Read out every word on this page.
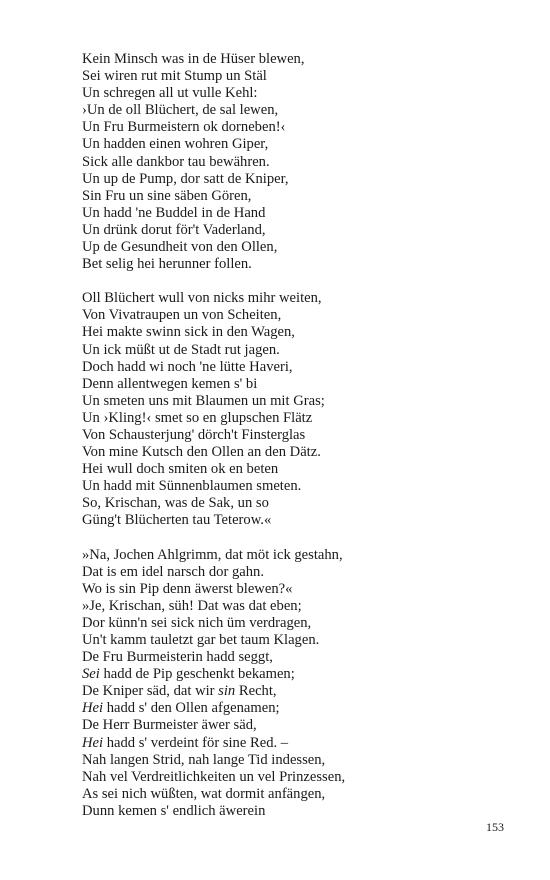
Kein Minsch was in de Hüser blewen,
Sei wiren rut mit Stump un Stäl
Un schregen all ut vulle Kehl:
›Un de oll Blüchert, de sal lewen,
Un Fru Burmeistern ok dorneben!‹
Un hadden einen wohren Giper,
Sick alle dankbor tau bewähren.
Un up de Pump, dor satt de Kniper,
Sin Fru un sine säben Gören,
Un hadd 'ne Buddel in de Hand
Un drünk dorut för't Vaderland,
Up de Gesundheit von den Ollen,
Bet selig hei herunner follen.
Oll Blüchert wull von nicks mihr weiten,
Von Vivatraupen un von Scheiten,
Hei makte swinn sick in den Wagen,
Un ick müßt ut de Stadt rut jagen.
Doch hadd wi noch 'ne lütte Haveri,
Denn allentwegen kemen s' bi
Un smeten uns mit Blaumen un mit Gras;
Un ›Kling!‹ smet so en glupschen Flätz
Von Schausterjung' dörch't Finsterglas
Von mine Kutsch den Ollen an den Dätz.
Hei wull doch smiten ok en beten
Un hadd mit Sünnenblaumen smeten.
So, Krischan, was de Sak, un so
Güng't Blücherten tau Teterow.«
»Na, Jochen Ahlgrimm, dat möt ick gestahn,
Dat is em idel narsch dor gahn.
Wo is sin Pip denn äwerst blewen?«
»Je, Krischan, süh! Dat was dat eben;
Dor künn'n sei sick nich üm verdragen,
Un't kamm tauletzt gar bet taum Klagen.
De Fru Burmeisterin hadd seggt,
Sei hadd de Pip geschenkt bekamen;
De Kniper säd, dat wir sin Recht,
Hei hadd s' den Ollen afgenamen;
De Herr Burmeister äwer säd,
Hei hadd s' verdeint för sine Red. –
Nah langen Strid, nah lange Tid indessen,
Nah vel Verdreitlichkeiten un vel Prinzessen,
As sei nich wüßten, wat dormit anfängen,
Dunn kemen s' endlich äwerein
153
